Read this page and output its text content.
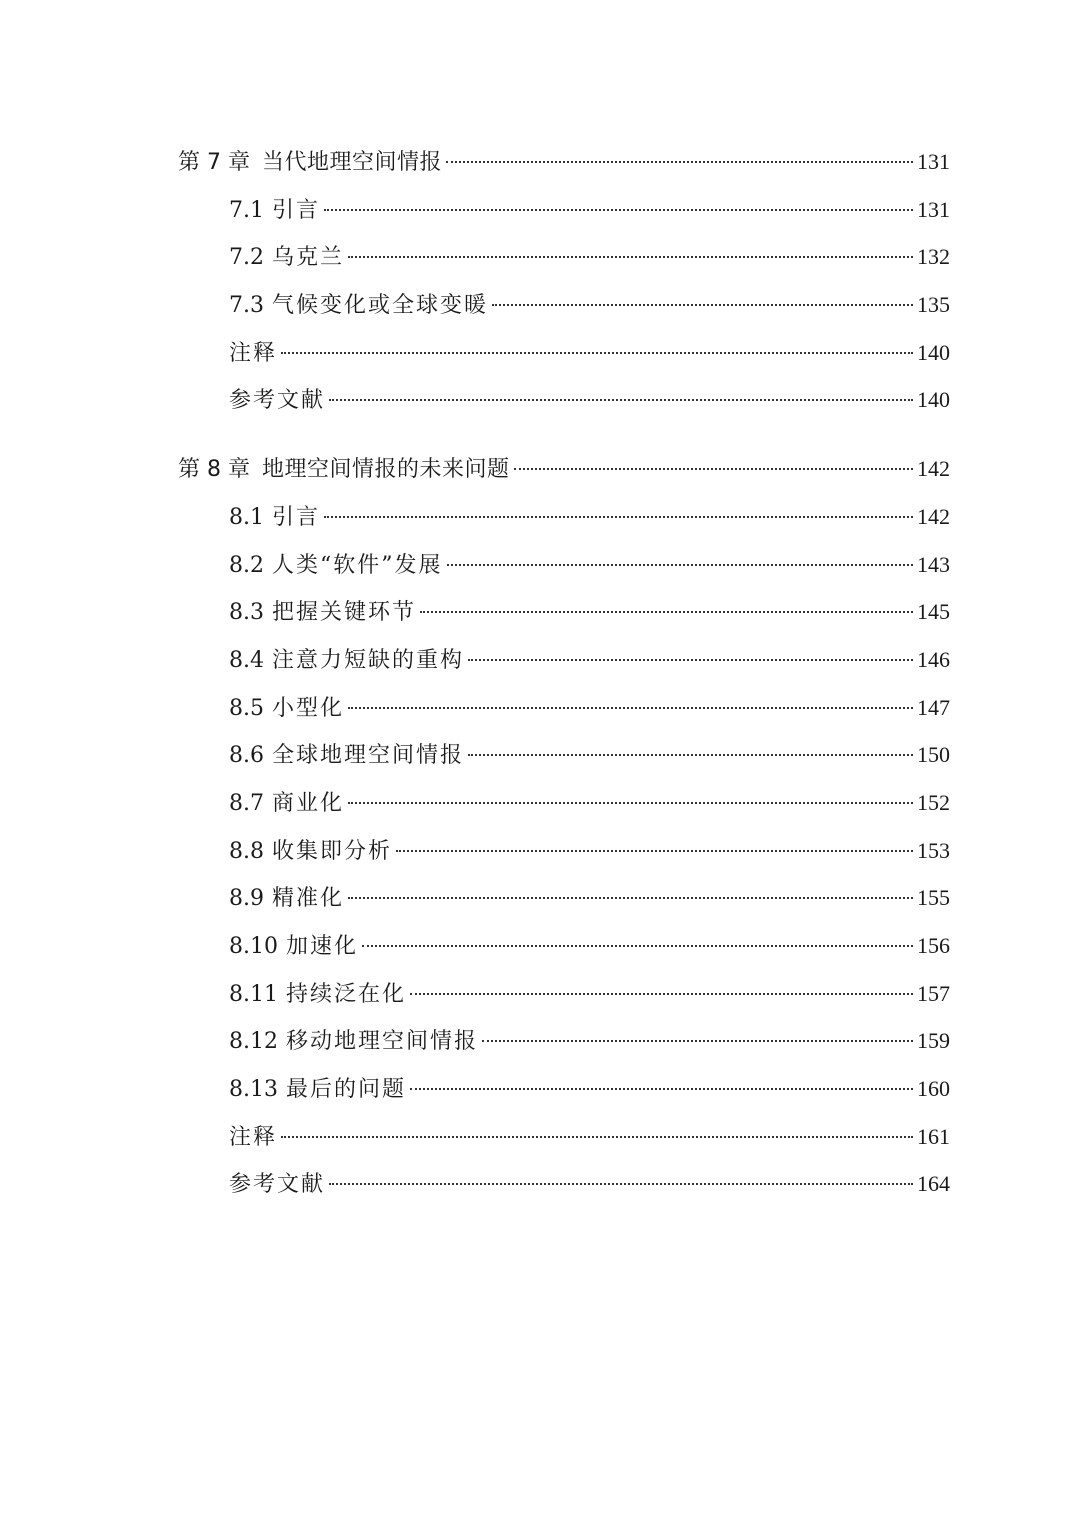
第 7 章 当代地理空间情报	131
7.1 引言	131
7.2 乌克兰	132
7.3 气候变化或全球变暖	135
注释	140
参考文献	140
第 8 章 地理空间情报的未来问题	142
8.1 引言	142
8.2 人类“软件”发展	143
8.3 把握关键环节	145
8.4 注意力短缺的重构	146
8.5 小型化	147
8.6 全球地理空间情报	150
8.7 商业化	152
8.8 收集即分析	153
8.9 精准化	155
8.10 加速化	156
8.11 持续泛在化	157
8.12 移动地理空间情报	159
8.13 最后的问题	160
注释	161
参考文献	164
